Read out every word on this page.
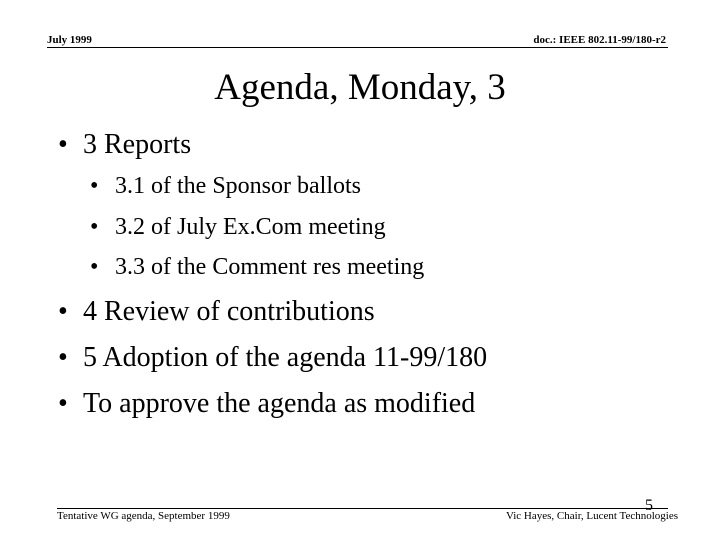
July 1999	doc.: IEEE 802.11-99/180-r2
Agenda, Monday, 3
• 3 Reports
• 3.1 of the Sponsor ballots
• 3.2 of July Ex.Com meeting
• 3.3 of the Comment res meeting
• 4 Review of contributions
• 5 Adoption of the agenda 11-99/180
• To approve the agenda as modified
5
Tentative WG agenda, September 1999	Vic Hayes, Chair, Lucent Technologies
